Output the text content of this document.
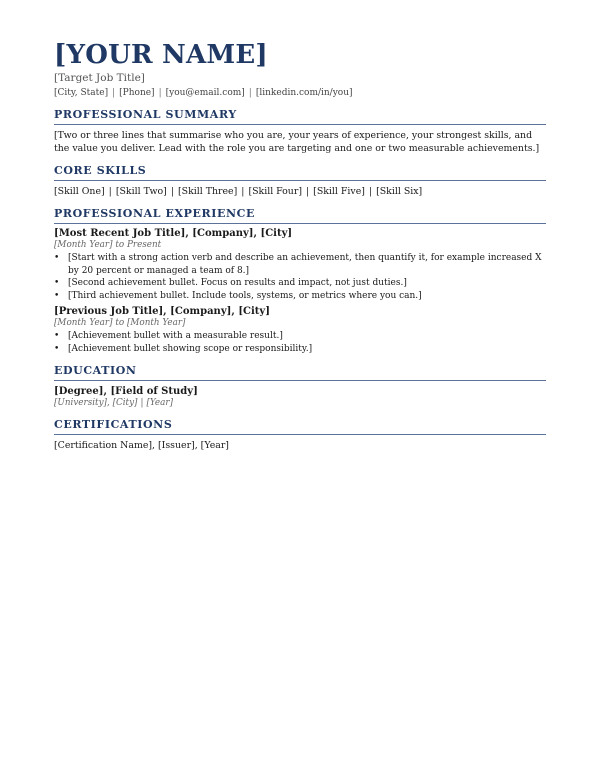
[YOUR NAME]
[Target Job Title]
[City, State] | [Phone] | [you@email.com] | [linkedin.com/in/you]
PROFESSIONAL SUMMARY
[Two or three lines that summarise who you are, your years of experience, your strongest skills, and the value you deliver. Lead with the role you are targeting and one or two measurable achievements.]
CORE SKILLS
[Skill One] | [Skill Two] | [Skill Three] | [Skill Four] | [Skill Five] | [Skill Six]
PROFESSIONAL EXPERIENCE
[Most Recent Job Title], [Company], [City]
[Month Year] to Present
• [Start with a strong action verb and describe an achievement, then quantify it, for example increased X by 20 percent or managed a team of 8.]
• [Second achievement bullet. Focus on results and impact, not just duties.]
• [Third achievement bullet. Include tools, systems, or metrics where you can.]
[Previous Job Title], [Company], [City]
[Month Year] to [Month Year]
• [Achievement bullet with a measurable result.]
• [Achievement bullet showing scope or responsibility.]
EDUCATION
[Degree], [Field of Study]
[University], [City] | [Year]
CERTIFICATIONS
[Certification Name], [Issuer], [Year]
